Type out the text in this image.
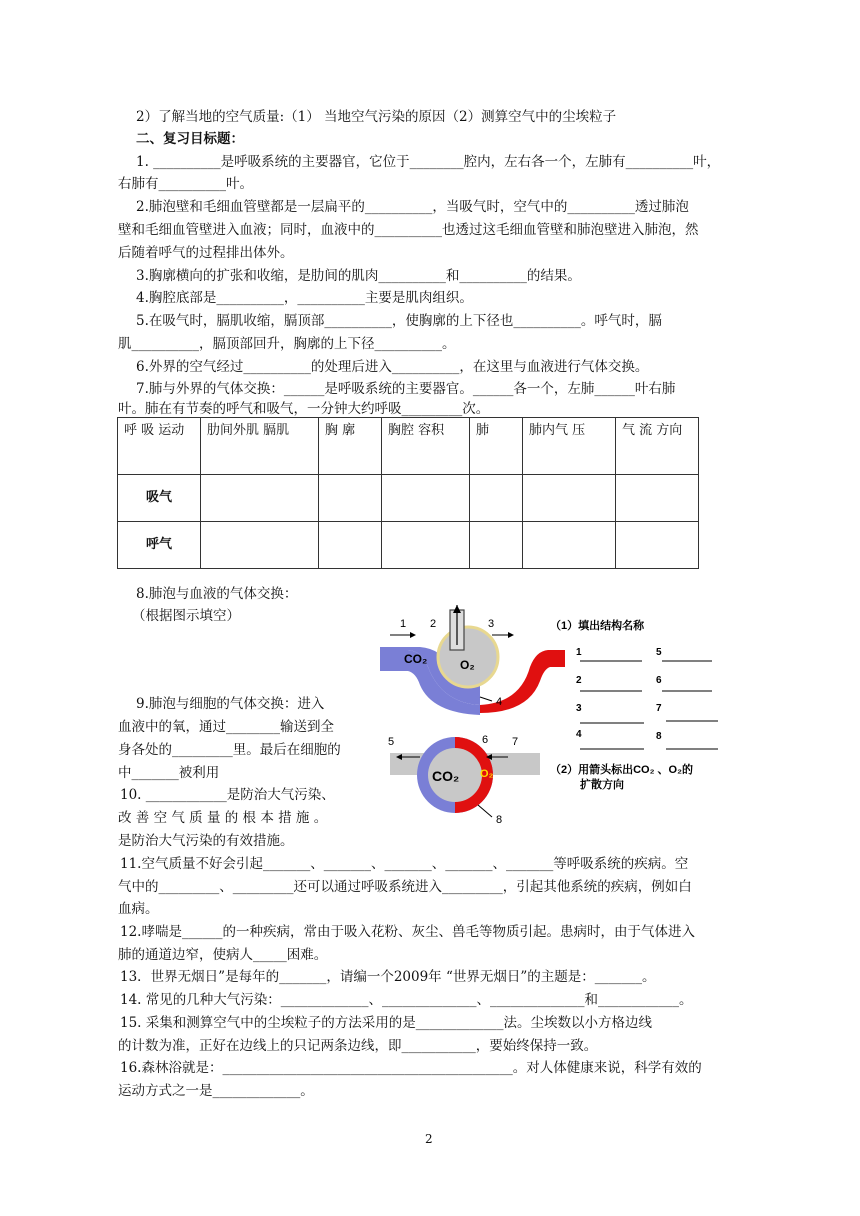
2）了解当地的空气质量:（1） 当地空气污染的原因（2）测算空气中的尘埃粒子
二、复习目标题：
1. __________是呼吸系统的主要器官，它位于________腔内，左右各一个，左肺有__________叶，
右肺有__________叶。
2.肺泡壁和毛细血管壁都是一层扁平的__________，当吸气时，空气中的__________透过肺泡
壁和毛细血管壁进入血液；同时，血液中的__________也透过这毛细血管壁和肺泡壁进入肺泡，然
后随着呼气的过程排出体外。
3.胸廓横向的扩张和收缩，是肋间的肌肉__________和__________的结果。
4.胸腔底部是__________，__________主要是肌肉组织。
5.在吸气时，膈肌收缩，膈顶部__________，使胸廓的上下径也__________。呼气时，膈
肌__________，膈顶部回升，胸廓的上下径__________。
6.外界的空气经过__________的处理后进入__________，在这里与血液进行气体交换。
7.肺与外界的气体交换：______是呼吸系统的主要器官。______各一个，左肺______叶右肺
叶。肺在有节奏的呼气和吸气，一分钟大约呼吸_________次。
呼 吸 运动	肋间外肌 膈肌	胸 廓	胸腔 容积	肺	肺内气 压	气 流 方向
吸气						
呼气						
8.肺泡与血液的气体交换：
（根据图示填空）
9.肺泡与细胞的气体交换：进入
血液中的氧，通过________输送到全
身各处的_________里。最后在细胞的
中_______被利用
10. ____________是防治大气污染、
改 善 空 气 质 量 的 根 本 措 施 。
是防治大气污染的有效措施。
CO₂	O₂
1 2	3
4
CO₂ O₂
5	6 7
8
（1）填出结构名称
1	5
2	6
3	7
4	8
（2）用箭头标出CO₂ 、O₂的
扩散方向
11.空气质量不好会引起_______、_______、_______、_______、_______等呼吸系统的疾病。空
气中的_________、_________还可以通过呼吸系统进入_________，引起其他系统的疾病，例如白
血病。
12.哮喘是______的一种疾病，常由于吸入花粉、灰尘、兽毛等物质引起。患病时，由于气体进入
肺的通道边窄，使病人_____困难。
13．世界无烟日”是每年的_______，请编一个2009年 “世界无烟日”的主题是：_______。
14. 常见的几种大气污染：_____________、______________、______________和____________。
15. 采集和测算空气中的尘埃粒子的方法采用的是_____________法。尘埃数以小方格边线
的计数为准，正好在边线上的只记两条边线，即___________，要始终保持一致。
16.森林浴就是：___________________________________________。对人体健康来说，科学有效的
运动方式之一是_____________。
2
